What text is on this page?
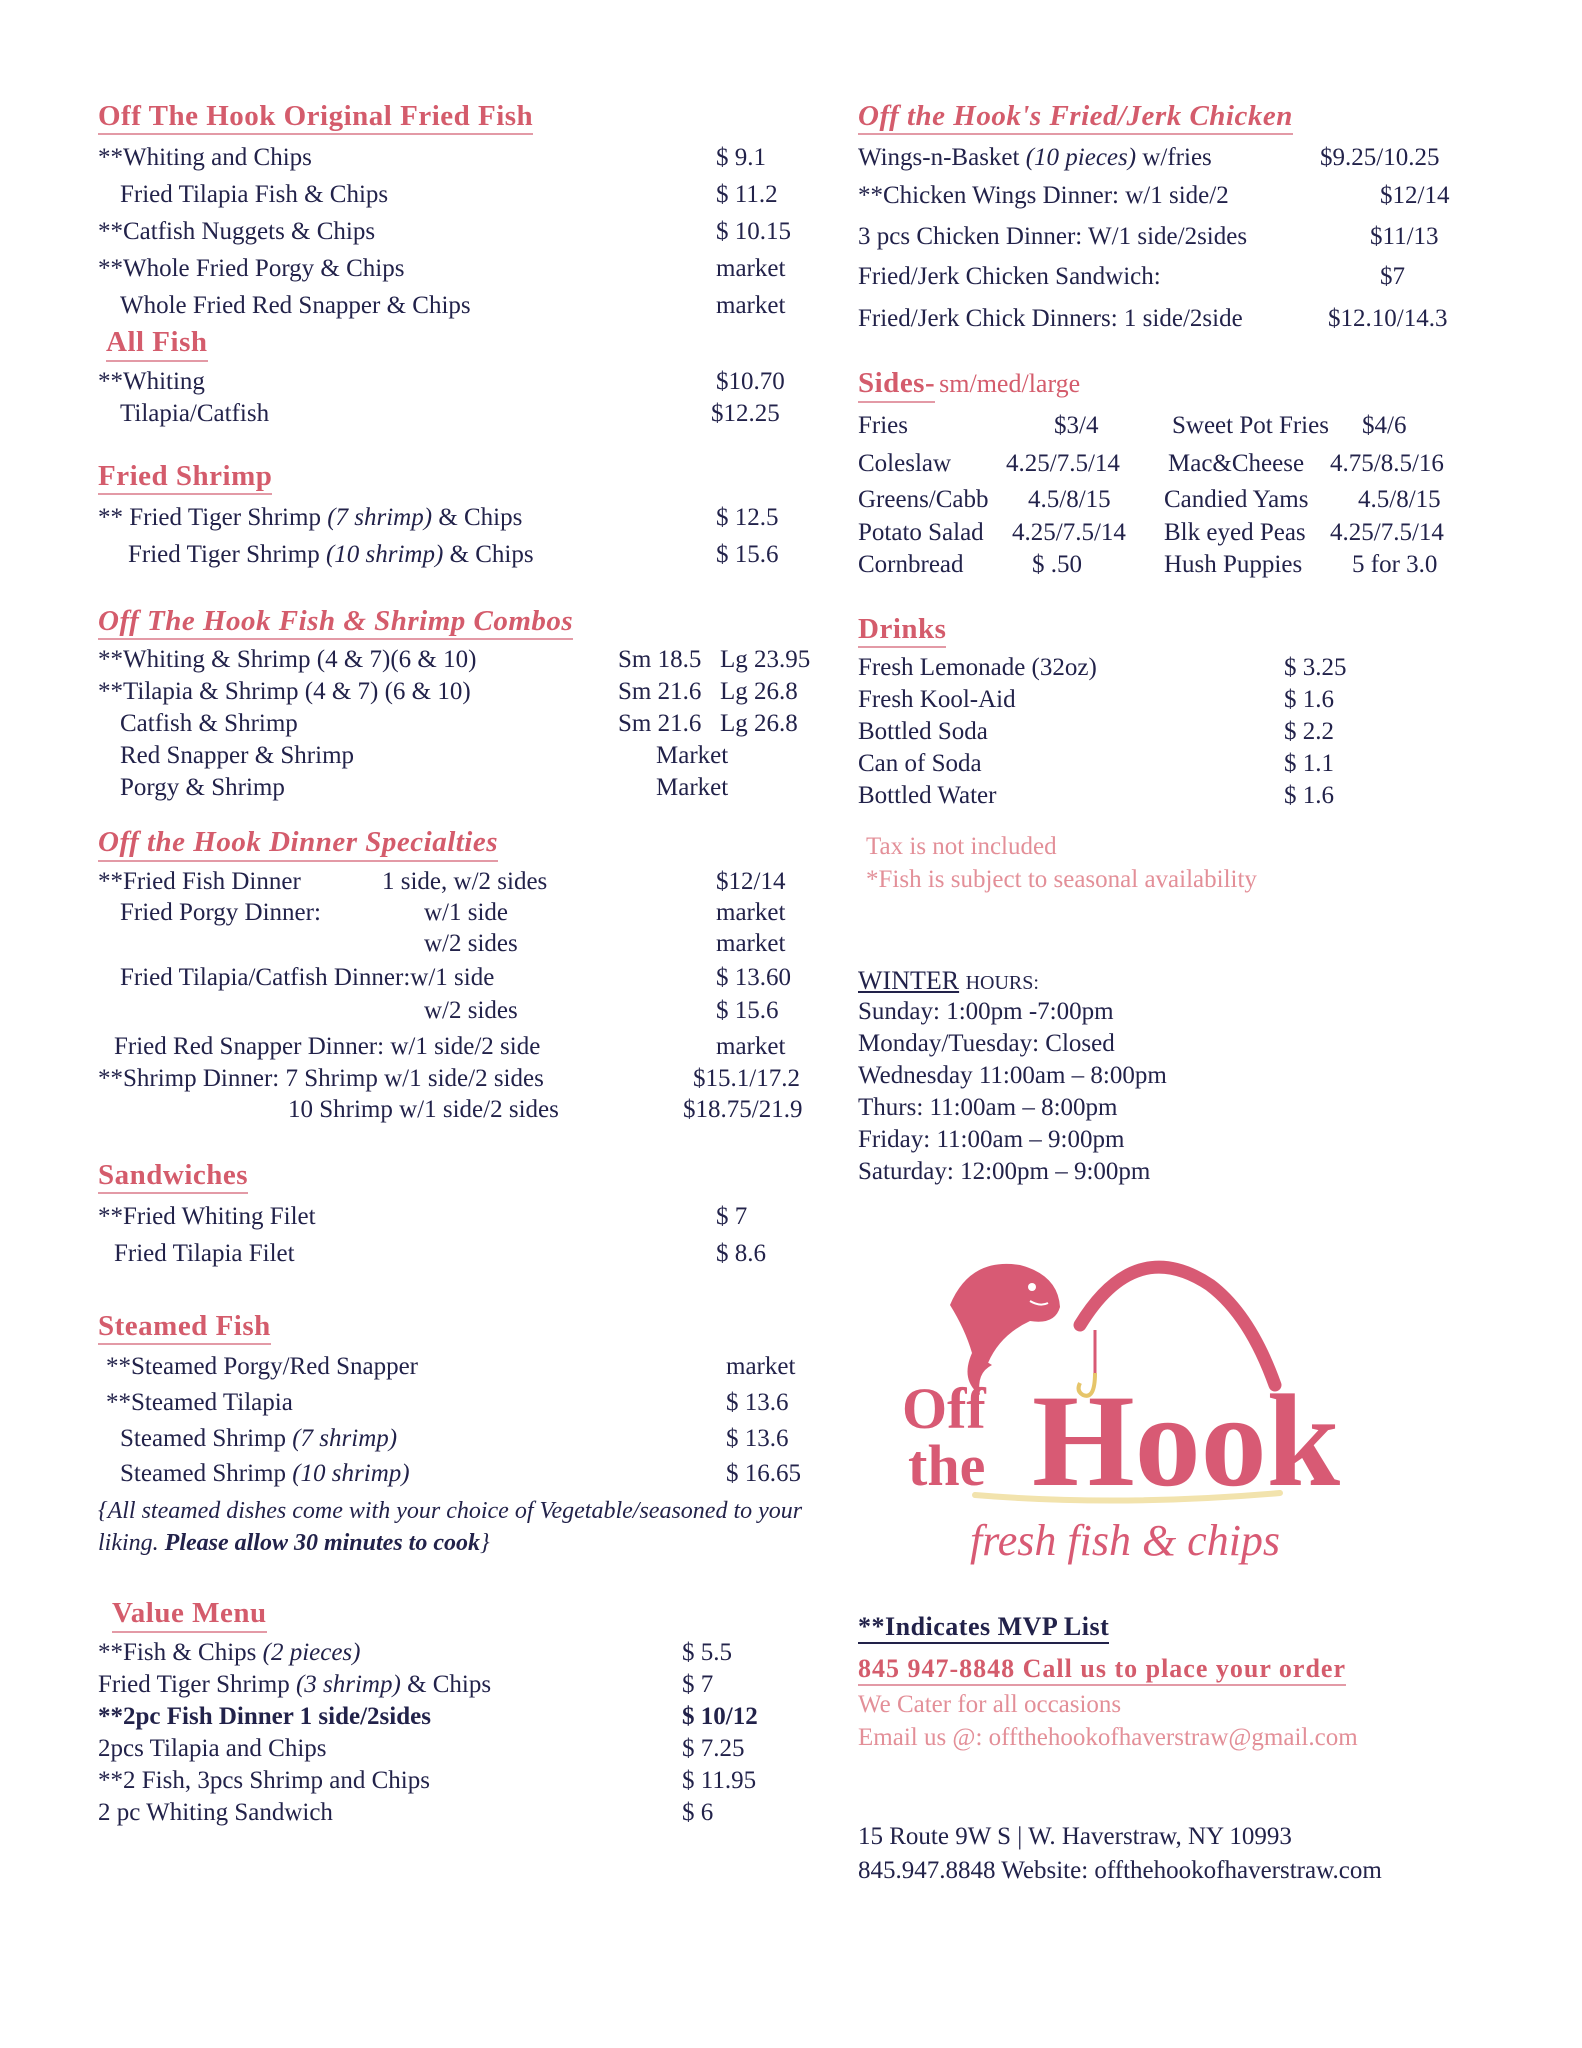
Off The Hook Original Fried Fish
**Whiting and Chips	$ 9.1
Fried Tilapia Fish & Chips	$ 11.2
**Catfish Nuggets & Chips	$ 10.15
**Whole Fried Porgy & Chips	market
Whole Fried Red Snapper & Chips	market
All Fish
**Whiting	$10.70
Tilapia/Catfish	$12.25
Fried Shrimp
** Fried Tiger Shrimp (7 shrimp) & Chips	$ 12.5
Fried Tiger Shrimp (10 shrimp) & Chips	$ 15.6
Off The Hook Fish & Shrimp Combos
**Whiting & Shrimp (4 & 7)(6 & 10)	Sm 18.5 Lg 23.95
**Tilapia & Shrimp (4 & 7) (6 & 10)	Sm 21.6 Lg 26.8
Catfish & Shrimp	Sm 21.6 Lg 26.8
Red Snapper & Shrimp	Market
Porgy & Shrimp	Market
Off the Hook Dinner Specialties
**Fried Fish Dinner	1 side, w/2 sides	$12/14
Fried Porgy Dinner:	w/1 side	market
w/2 sides	market
Fried Tilapia/Catfish Dinner:w/1 side	$ 13.60
w/2 sides	$ 15.6
Fried Red Snapper Dinner: w/1 side/2 side	market
**Shrimp Dinner: 7 Shrimp w/1 side/2 sides	$15.1/17.2
10 Shrimp w/1 side/2 sides	$18.75/21.9
Sandwiches
**Fried Whiting Filet	$ 7
Fried Tilapia Filet	$ 8.6
Steamed Fish
**Steamed Porgy/Red Snapper	market
**Steamed Tilapia	$ 13.6
Steamed Shrimp (7 shrimp)	$ 13.6
Steamed Shrimp (10 shrimp)	$ 16.65
{All steamed dishes come with your choice of Vegetable/seasoned to your liking. Please allow 30 minutes to cook}
Value Menu
**Fish & Chips (2 pieces)	$ 5.5
Fried Tiger Shrimp (3 shrimp) & Chips	$ 7
**2pc Fish Dinner 1 side/2sides	$ 10/12
2pcs Tilapia and Chips	$ 7.25
**2 Fish, 3pcs Shrimp and Chips	$ 11.95
2 pc Whiting Sandwich	$ 6
Off the Hook's Fried/Jerk Chicken
Wings-n-Basket (10 pieces) w/fries	$9.25/10.25
**Chicken Wings Dinner: w/1 side/2	$12/14
3 pcs Chicken Dinner: W/1 side/2sides	$11/13
Fried/Jerk Chicken Sandwich:	$7
Fried/Jerk Chick Dinners: 1 side/2side	$12.10/14.3
Sides- sm/med/large
Fries	$3/4	Sweet Pot Fries $4/6
Coleslaw 4.25/7.5/14 Mac&Cheese 4.75/8.5/16
Greens/Cabb 4.5/8/15 Candied Yams 4.5/8/15
Potato Salad 4.25/7.5/14 Blk eyed Peas 4.25/7.5/14
Cornbread	$ .50	Hush Puppies 5 for 3.0
Drinks
Fresh Lemonade (32oz)	$ 3.25
Fresh Kool-Aid	$ 1.6
Bottled Soda	$ 2.2
Can of Soda	$ 1.1
Bottled Water	$ 1.6
Tax is not included
*Fish is subject to seasonal availability
WINTER HOURS:
Sunday: 1:00pm -7:00pm
Monday/Tuesday: Closed
Wednesday 11:00am – 8:00pm
Thurs: 11:00am – 8:00pm
Friday: 11:00am – 9:00pm
Saturday: 12:00pm – 9:00pm
Off
the Hook
fresh fish & chips
**Indicates MVP List
845 947-8848 Call us to place your order
We Cater for all occasions
Email us @: offthehookofhaverstraw@gmail.com
15 Route 9W S | W. Haverstraw, NY 10993
845.947.8848 Website: offthehookofhaverstraw.com
